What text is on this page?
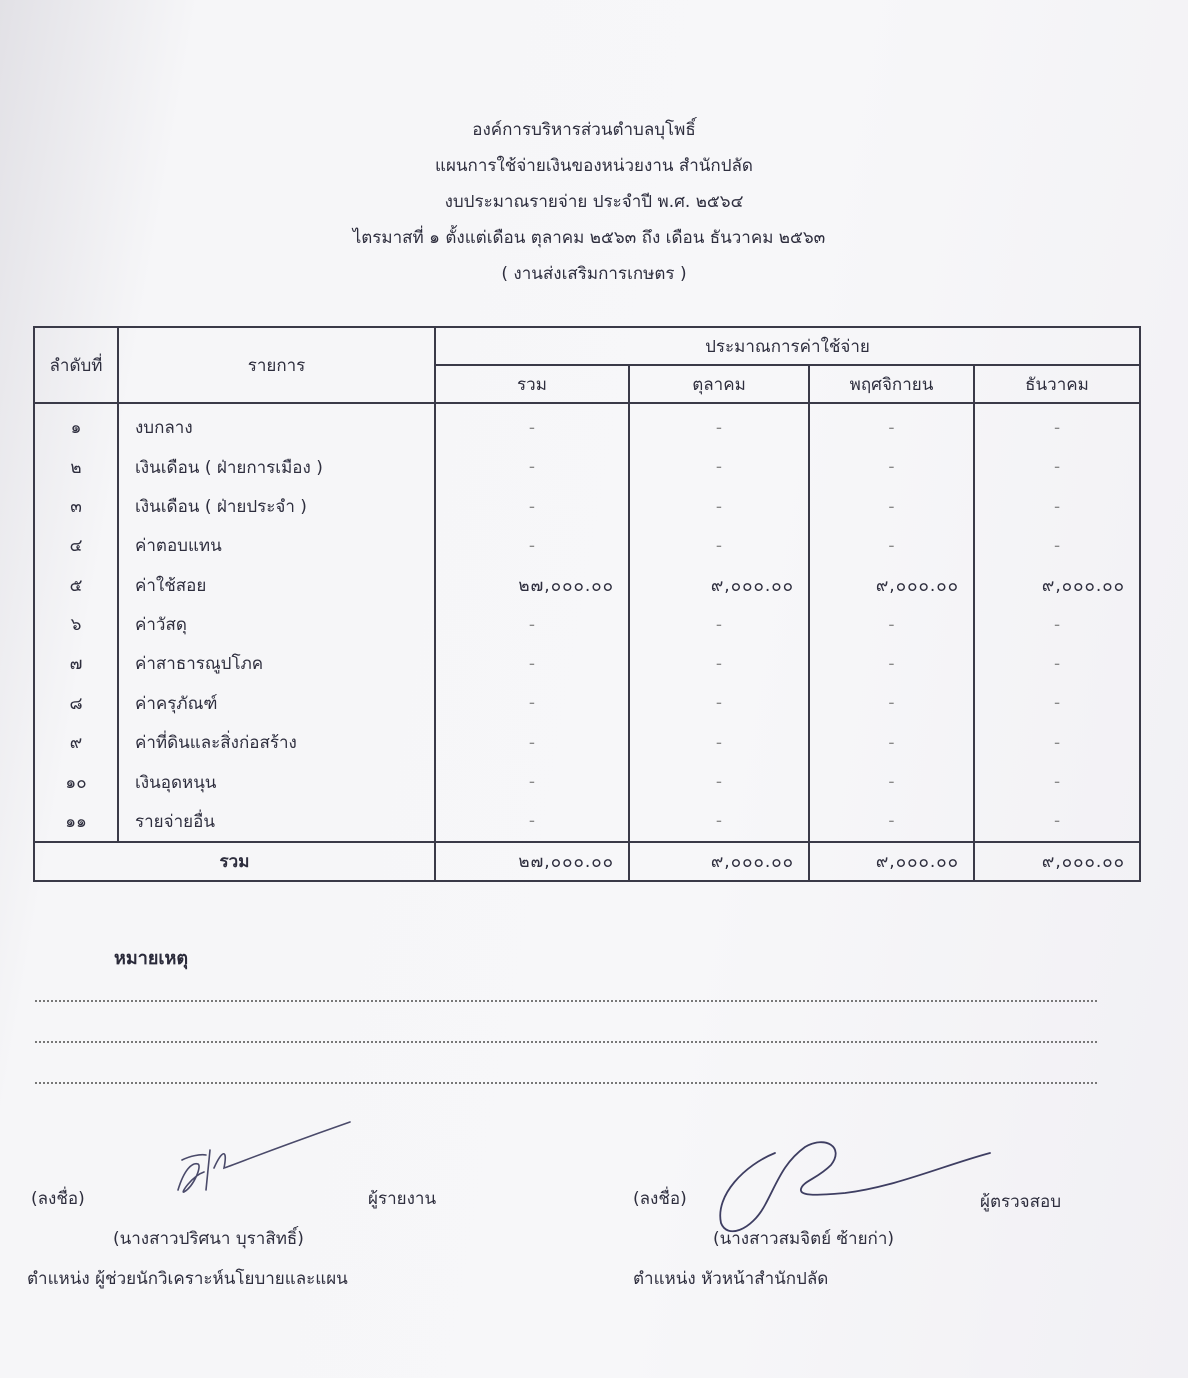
องค์การบริหารส่วนตำบลบุโพธิ์
แผนการใช้จ่ายเงินของหน่วยงาน สำนักปลัด
งบประมาณรายจ่าย ประจำปี พ.ศ. ๒๕๖๔
ไตรมาสที่ ๑ ตั้งแต่เดือน ตุลาคม ๒๕๖๓ ถึง เดือน ธันวาคม ๒๕๖๓
( งานส่งเสริมการเกษตร )
ลำดับที่	รายการ	ประมาณการค่าใช้จ่าย			
		รวม	ตุลาคม	พฤศจิกายน	ธันวาคม
๑	งบกลาง	-	-	-	-
๒	เงินเดือน ( ฝ่ายการเมือง )	-	-	-	-
๓	เงินเดือน ( ฝ่ายประจำ )	-	-	-	-
๔	ค่าตอบแทน	-	-	-	-
๕	ค่าใช้สอย	๒๗,๐๐๐.๐๐	๙,๐๐๐.๐๐	๙,๐๐๐.๐๐	๙,๐๐๐.๐๐
๖	ค่าวัสดุ	-	-	-	-
๗	ค่าสาธารณูปโภค	-	-	-	-
๘	ค่าครุภัณฑ์	-	-	-	-
๙	ค่าที่ดินและสิ่งก่อสร้าง	-	-	-	-
๑๐	เงินอุดหนุน	-	-	-	-
๑๑	รายจ่ายอื่น	-	-	-	-
รวม		๒๗,๐๐๐.๐๐	๙,๐๐๐.๐๐	๙,๐๐๐.๐๐	๙,๐๐๐.๐๐
หมายเหตุ
(ลงชื่อ)	ผู้รายงาน
(นางสาวปริศนา บุราสิทธิ์)
ตำแหน่ง ผู้ช่วยนักวิเคราะห์นโยบายและแผน
(ลงชื่อ)	ผู้ตรวจสอบ
(นางสาวสมจิตย์ ซ้ายก่า)
ตำแหน่ง หัวหน้าสำนักปลัด
